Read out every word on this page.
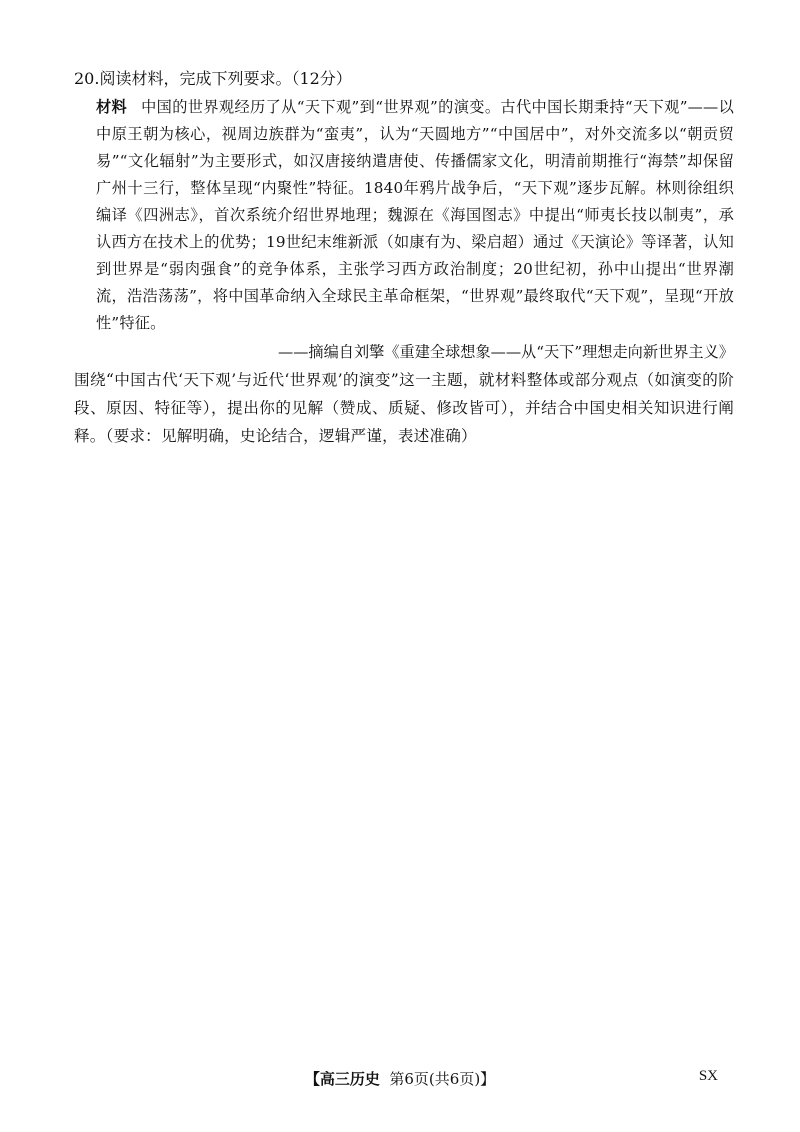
20.阅读材料，完成下列要求。（12分）
材料 中国的世界观经历了从“天下观”到“世界观”的演变。古代中国长期秉持“天下观”——以中原王朝为核心，视周边族群为“蛮夷”，认为“天圆地方”“中国居中”，对外交流多以“朝贡贸易”“文化辐射”为主要形式，如汉唐接纳遣唐使、传播儒家文化，明清前期推行“海禁”却保留广州十三行，整体呈现“内聚性”特征。1840年鸦片战争后，“天下观”逐步瓦解。林则徐组织编译《四洲志》，首次系统介绍世界地理；魏源在《海国图志》中提出“师夷长技以制夷”，承认西方在技术上的优势；19世纪末维新派（如康有为、梁启超）通过《天演论》等译著，认知到世界是“弱肉强食”的竞争体系，主张学习西方政治制度；20世纪初，孙中山提出“世界潮流，浩浩荡荡”，将中国革命纳入全球民主革命框架，“世界观”最终取代“天下观”，呈现“开放性”特征。
——摘编自刘擎《重建全球想象——从“天下”理想走向新世界主义》
围绕“中国古代‘天下观’与近代‘世界观’的演变”这一主题，就材料整体或部分观点（如演变的阶段、原因、特征等），提出你的见解（赞成、质疑、修改皆可），并结合中国史相关知识进行阐释。（要求：见解明确，史论结合，逻辑严谨，表述准确）
【高三历史 第6页(共6页)】	SX
